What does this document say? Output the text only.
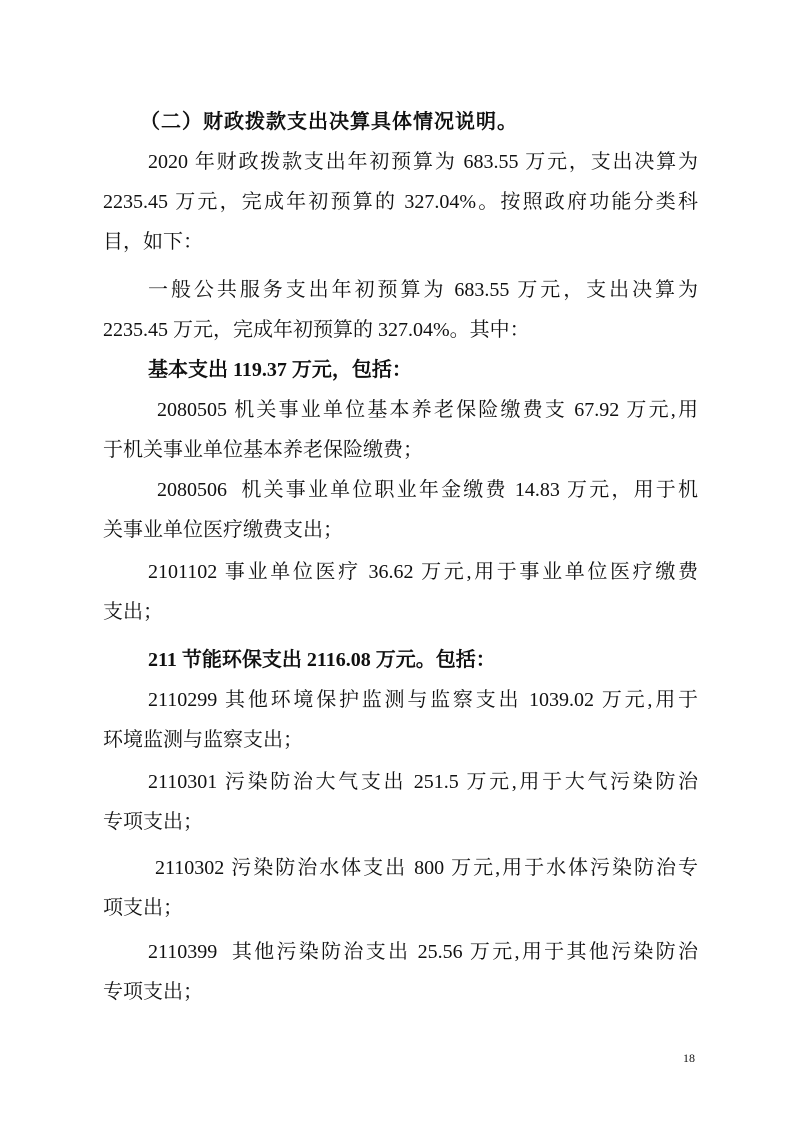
（二）财政拨款支出决算具体情况说明。
2020 年财政拨款支出年初预算为 683.55 万元，支出决算为
2235.45 万元，完成年初预算的 327.04%。按照政府功能分类科
目，如下：
一般公共服务支出年初预算为 683.55 万元，支出决算为
2235.45 万元，完成年初预算的 327.04%。其中：
基本支出 119.37 万元，包括：
2080505 机关事业单位基本养老保险缴费支 67.92 万元,用
于机关事业单位基本养老保险缴费；
2080506  机关事业单位职业年金缴费 14.83 万元，用于机
关事业单位医疗缴费支出；
2101102 事业单位医疗 36.62 万元,用于事业单位医疗缴费
支出；
211 节能环保支出 2116.08 万元。包括：
2110299 其他环境保护监测与监察支出 1039.02 万元,用于
环境监测与监察支出；
2110301 污染防治大气支出 251.5 万元,用于大气污染防治
专项支出；
2110302 污染防治水体支出 800 万元,用于水体污染防治专
项支出；
2110399  其他污染防治支出 25.56 万元,用于其他污染防治
专项支出；
18
